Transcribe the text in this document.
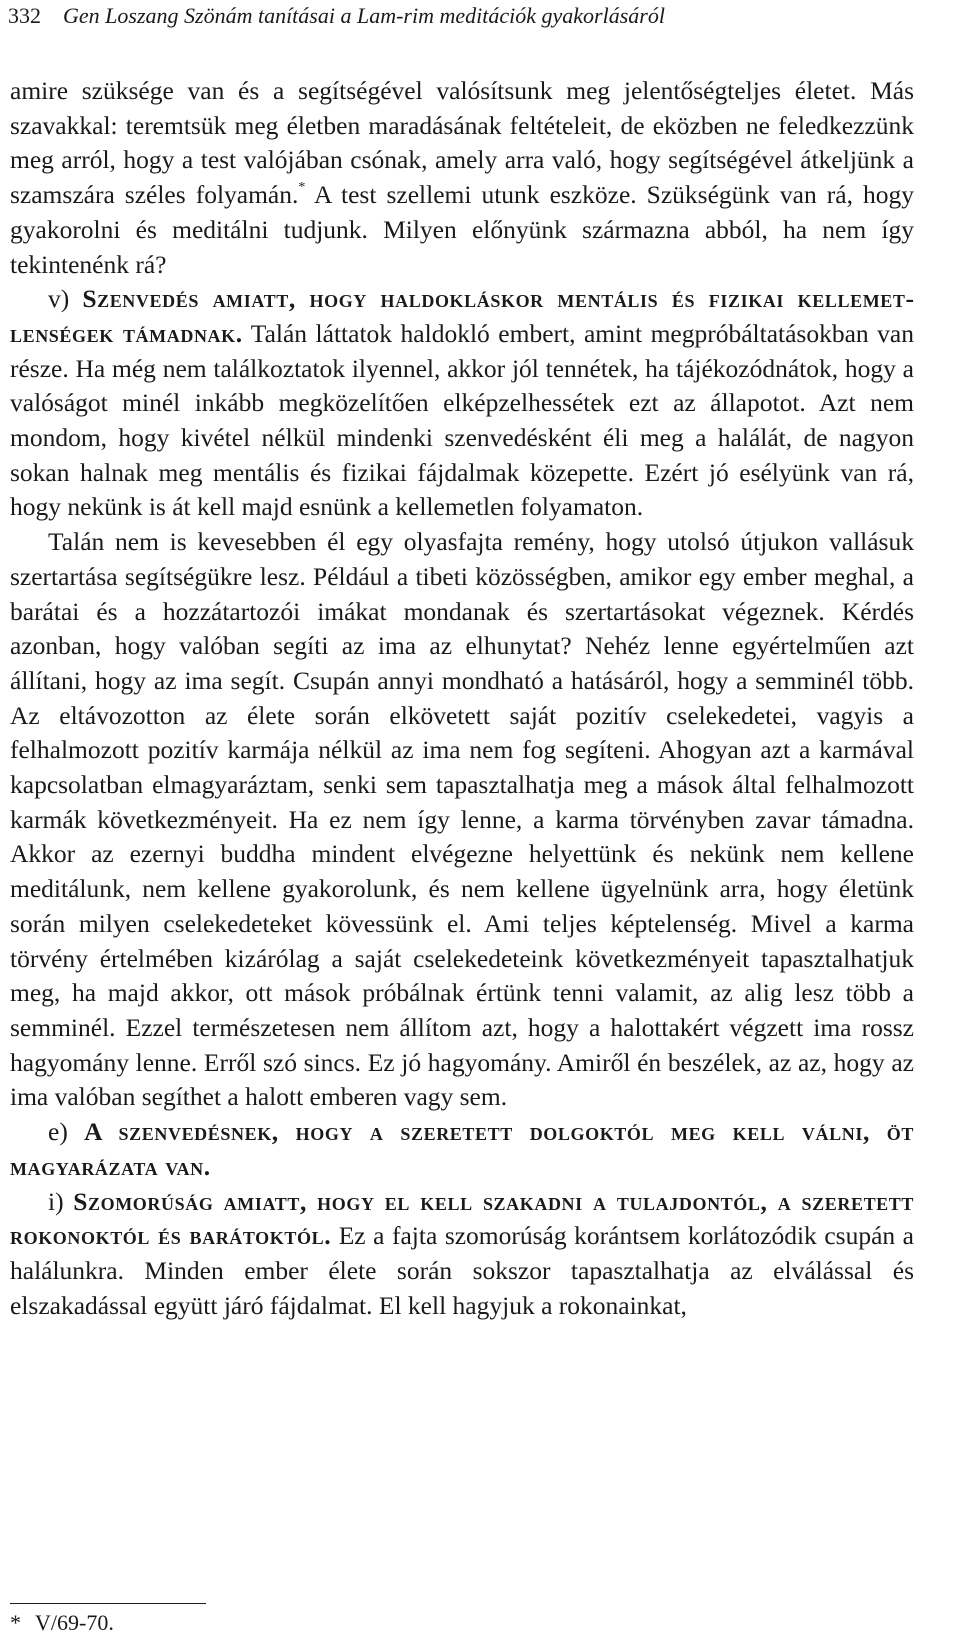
332 Gen Loszang Szönám tanításai a Lam-rim meditációk gyakorlásáról

amire szüksége van és a segítségével valósítsunk meg jelentőségteljes életet. Más szavakkal: teremtsük meg életben maradásának feltételeit, de eközben ne feledkezzünk meg arról, hogy a test valójában csónak, amely arra való, hogy segítségével átkeljünk a szamszára széles folyamán.* A test szellemi utunk eszköze. Szükségünk van rá, hogy gyakorolni és meditálni tudjunk. Milyen előnyünk származna abból, ha nem így tekintenénk rá?

v) Szenvedés amiatt, hogy haldokláskor mentális és fizikai kellemetlenségek támadnak. Talán láttatok haldokló embert, amint megpróbáltatásokban van része. Ha még nem találkoztatok ilyennel, akkor jól tennétek, ha tájékozódnátok, hogy a valóságot minél inkább megközelítően elképzelhessétek ezt az állapotot. Azt nem mondom, hogy kivétel nélkül mindenki szenvedésként éli meg a halálát, de nagyon sokan halnak meg mentális és fizikai fájdalmak közepette. Ezért jó esélyünk van rá, hogy nekünk is át kell majd esnünk a kellemetlen folyamaton.

Talán nem is kevesebben él egy olyasfajta remény, hogy utolsó útjukon vallásuk szertartása segítségükre lesz. Például a tibeti közösségben, amikor egy ember meghal, a barátai és a hozzátartozói imákat mondanak és szertartásokat végeznek. Kérdés azonban, hogy valóban segíti az ima az elhunytat? Nehéz lenne egyértelműen azt állítani, hogy az ima segít. Csupán annyi mondható a hatásáról, hogy a semminél több. Az eltávozotton az élete során elkövetett saját pozitív cselekedetei, vagyis a felhalmozott pozitív karmája nélkül az ima nem fog segíteni. Ahogyan azt a karmával kapcsolatban elmagyaráztam, senki sem tapasztalhatja meg a mások által felhalmozott karmák következményeit. Ha ez nem így lenne, a karma törvényben zavar támadna. Akkor az ezernyi buddha mindent elvégezne helyettünk és nekünk nem kellene meditálunk, nem kellene gyakorolunk, és nem kellene ügyelnünk arra, hogy életünk során milyen cselekedeteket kövessünk el. Ami teljes képtelenség. Mivel a karma törvény értelmében kizárólag a saját cselekedeteink következményeit tapasztalhatjuk meg, ha majd akkor, ott mások próbálnak értünk tenni valamit, az alig lesz több a semminél. Ezzel természetesen nem állítom azt, hogy a halottakért végzett ima rossz hagyomány lenne. Erről szó sincs. Ez jó hagyomány. Amiről én beszélek, az az, hogy az ima valóban segíthet a halott emberen vagy sem.

e) A szenvedésnek, hogy a szeretett dolgoktól meg kell válni, öt magyarázata van.

i) Szomorúság amiatt, hogy el kell szakadni a tulajdontól, a szeretett rokonoktól és barátoktól. Ez a fajta szomorúság korántsem korlátozódik csupán a halálunkra. Minden ember élete során sokszor tapasztalhatja az elválással és elszakadással együtt járó fájdalmat. El kell hagyjuk a rokonainkat,

* V/69-70.
